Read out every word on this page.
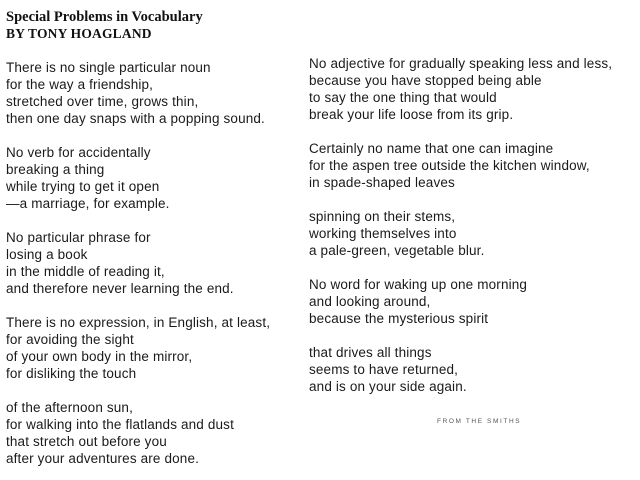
Special Problems in Vocabulary
BY TONY HOAGLAND
There is no single particular noun
for the way a friendship,
stretched over time, grows thin,
then one day snaps with a popping sound.
No verb for accidentally
breaking a thing
while trying to get it open
—a marriage, for example.
No particular phrase for
losing a book
in the middle of reading it,
and therefore never learning the end.
There is no expression, in English, at least,
for avoiding the sight
of your own body in the mirror,
for disliking the touch
of the afternoon sun,
for walking into the flatlands and dust
that stretch out before you
after your adventures are done.
No adjective for gradually speaking less and less,
because you have stopped being able
to say the one thing that would
break your life loose from its grip.
Certainly no name that one can imagine
for the aspen tree outside the kitchen window,
in spade-shaped leaves
spinning on their stems,
working themselves into
a pale-green, vegetable blur.
No word for waking up one morning
and looking around,
because the mysterious spirit
that drives all things
seems to have returned,
and is on your side again.
FROM THE SMITHS
